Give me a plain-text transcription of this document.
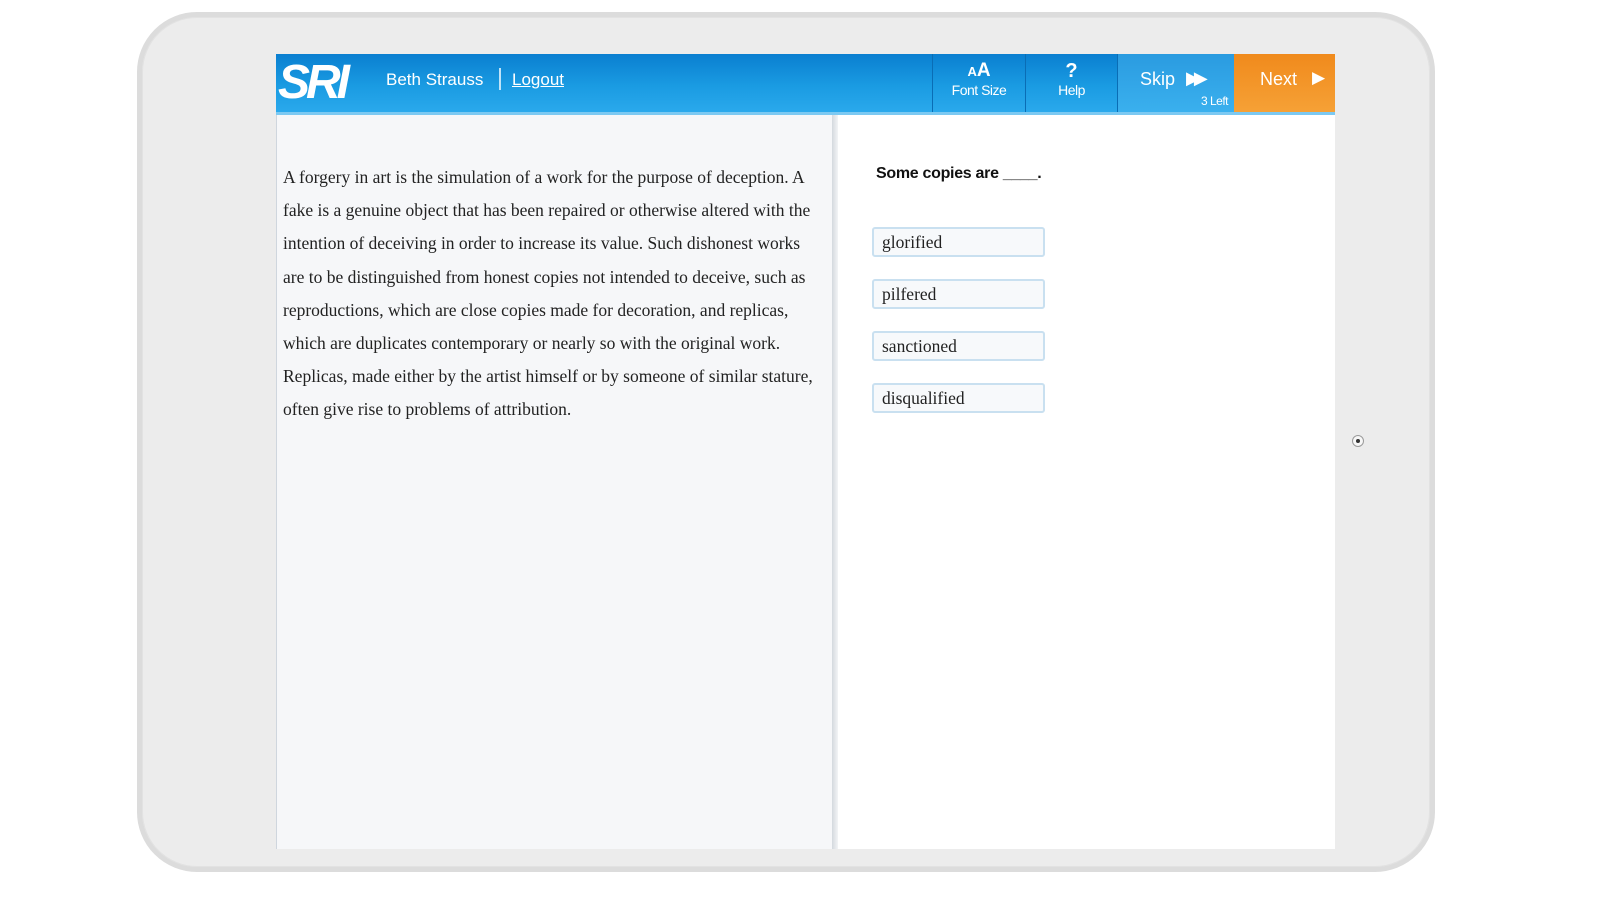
SRI Beth Strauss Logout	AA
Font Size
?
Help
Skip ▶▶
3 Left
Next ▶

A forgery in art is the simulation of a work for the purpose of deception. A fake is a genuine object that has been repaired or otherwise altered with the intention of deceiving in order to increase its value. Such dishonest works are to be distinguished from honest copies not intended to deceive, such as reproductions, which are close copies made for decoration, and replicas, which are duplicates contemporary or nearly so with the original work. Replicas, made either by the artist himself or by someone of similar stature, often give rise to problems of attribution.

Some copies are ____.
glorified
pilfered
sanctioned
disqualified
